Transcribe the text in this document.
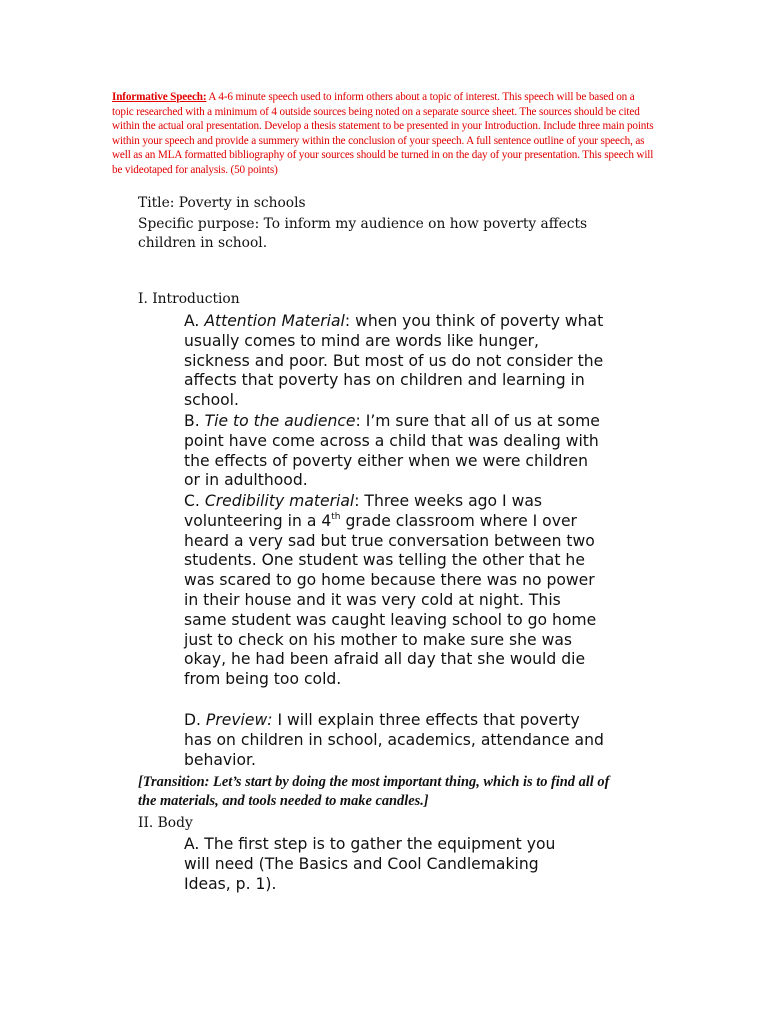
Informative Speech: A 4-6 minute speech used to inform others about a topic of interest. This speech will be based on a topic researched with a minimum of 4 outside sources being noted on a separate source sheet. The sources should be cited within the actual oral presentation. Develop a thesis statement to be presented in your Introduction. Include three main points within your speech and provide a summery within the conclusion of your speech. A full sentence outline of your speech, as well as an MLA formatted bibliography of your sources should be turned in on the day of your presentation. This speech will be videotaped for analysis. (50 points)
Title: Poverty in schools
Specific purpose: To inform my audience on how poverty affects children in school.
I. Introduction
A. Attention Material: when you think of poverty what usually comes to mind are words like hunger, sickness and poor. But most of us do not consider the affects that poverty has on children and learning in school.
B. Tie to the audience: I’m sure that all of us at some point have come across a child that was dealing with the effects of poverty either when we were children or in adulthood.
C. Credibility material: Three weeks ago I was volunteering in a 4th grade classroom where I over heard a very sad but true conversation between two students. One student was telling the other that he was scared to go home because there was no power in their house and it was very cold at night. This same student was caught leaving school to go home just to check on his mother to make sure she was okay, he had been afraid all day that she would die from being too cold.
D. Preview: I will explain three effects that poverty has on children in school, academics, attendance and behavior.
[Transition: Let’s start by doing the most important thing, which is to find all of the materials, and tools needed to make candles.]
II. Body
A. The first step is to gather the equipment you will need (The Basics and Cool Candlemaking Ideas, p. 1).
